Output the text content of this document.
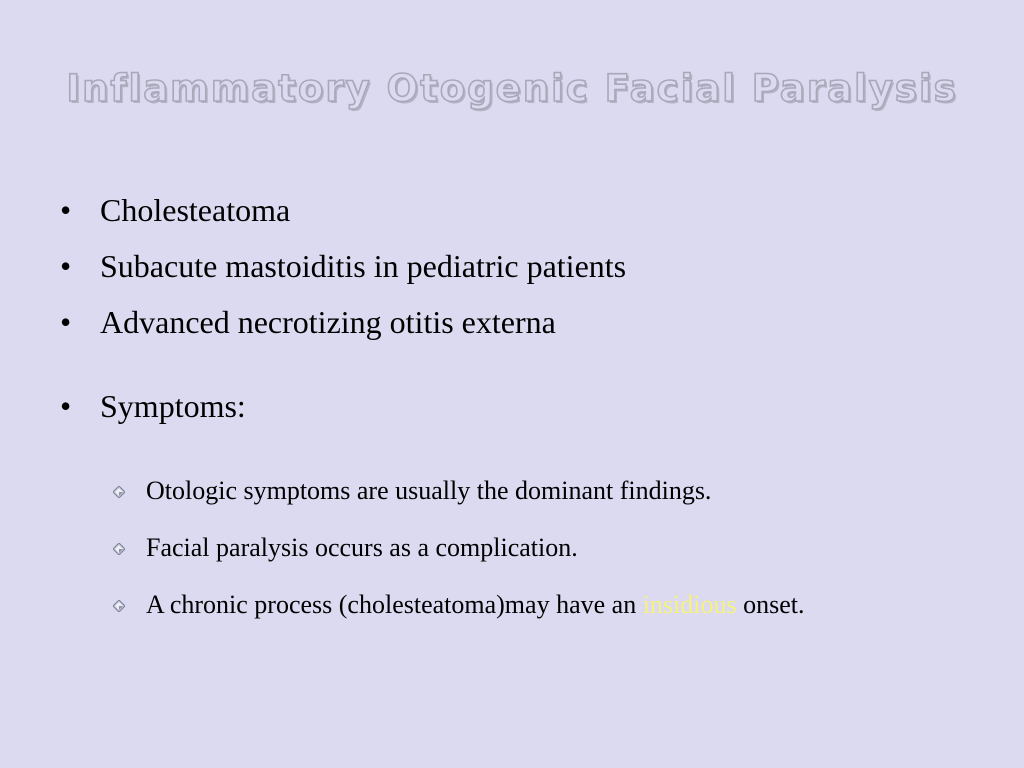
Inflammatory Otogenic Facial Paralysis
• Cholesteatoma
• Subacute mastoiditis in pediatric patients
• Advanced necrotizing otitis externa
• Symptoms:
Otologic symptoms are usually the dominant findings.
Facial paralysis occurs as a complication.
A chronic process (cholesteatoma)may have an insidious onset.
